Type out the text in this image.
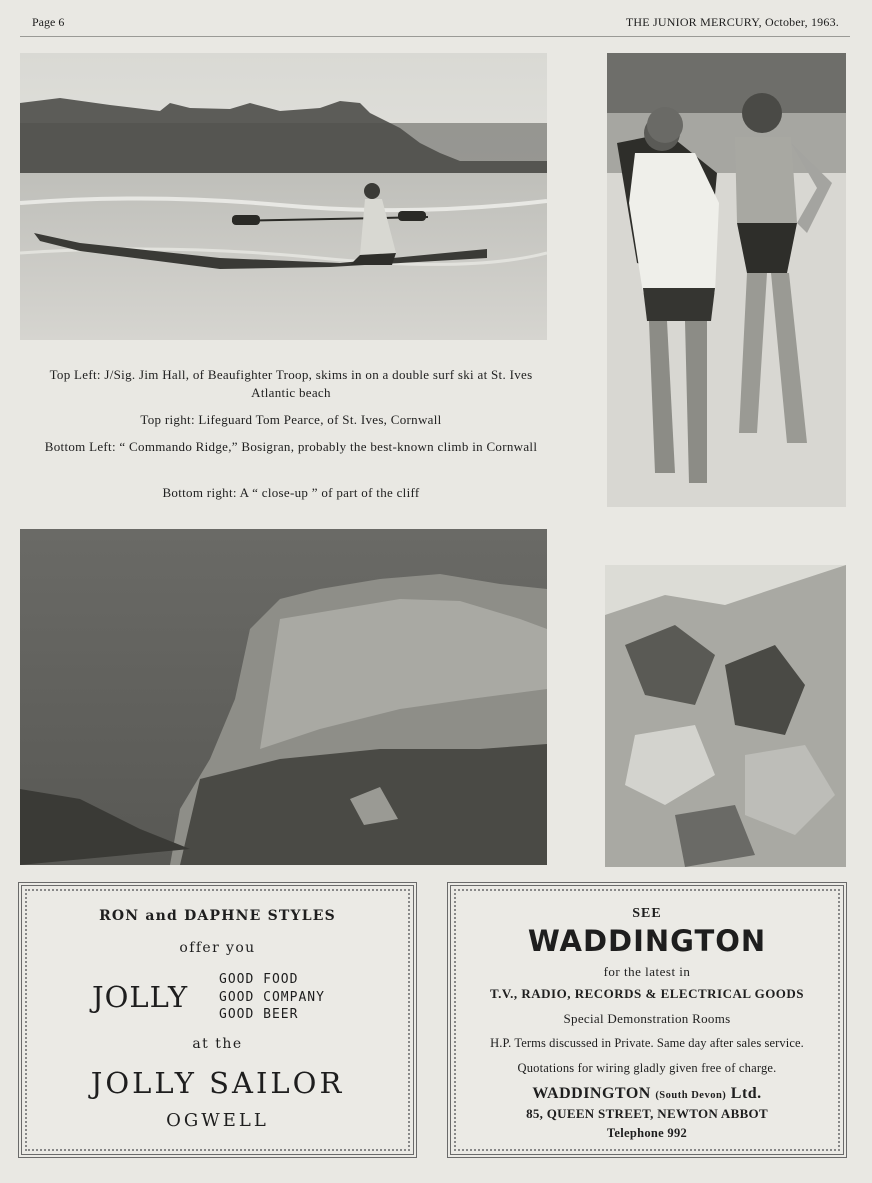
Page 6	THE JUNIOR MERCURY, October, 1963.
Top Left: J/Sig. Jim Hall, of Beaufighter Troop, skims in on a double surf ski at St. Ives Atlantic beach
Top right: Lifeguard Tom Pearce, of St. Ives, Cornwall
Bottom Left: “ Commando Ridge,” Bosigran, probably the best-known climb in Cornwall
Bottom right: A “ close-up ” of part of the cliff
RON and DAPHNE STYLES
offer you
JOLLY
GOOD FOOD
GOOD COMPANY
GOOD BEER
at the
JOLLY SAILOR
OGWELL
SEE
WADDINGTON
for the latest in
T.V., RADIO, RECORDS & ELECTRICAL GOODS
Special Demonstration Rooms
H.P. Terms discussed in Private. Same day after sales service.
Quotations for wiring gladly given free of charge.
WADDINGTON (South Devon) Ltd.
85, QUEEN STREET, NEWTON ABBOT
Telephone 992
